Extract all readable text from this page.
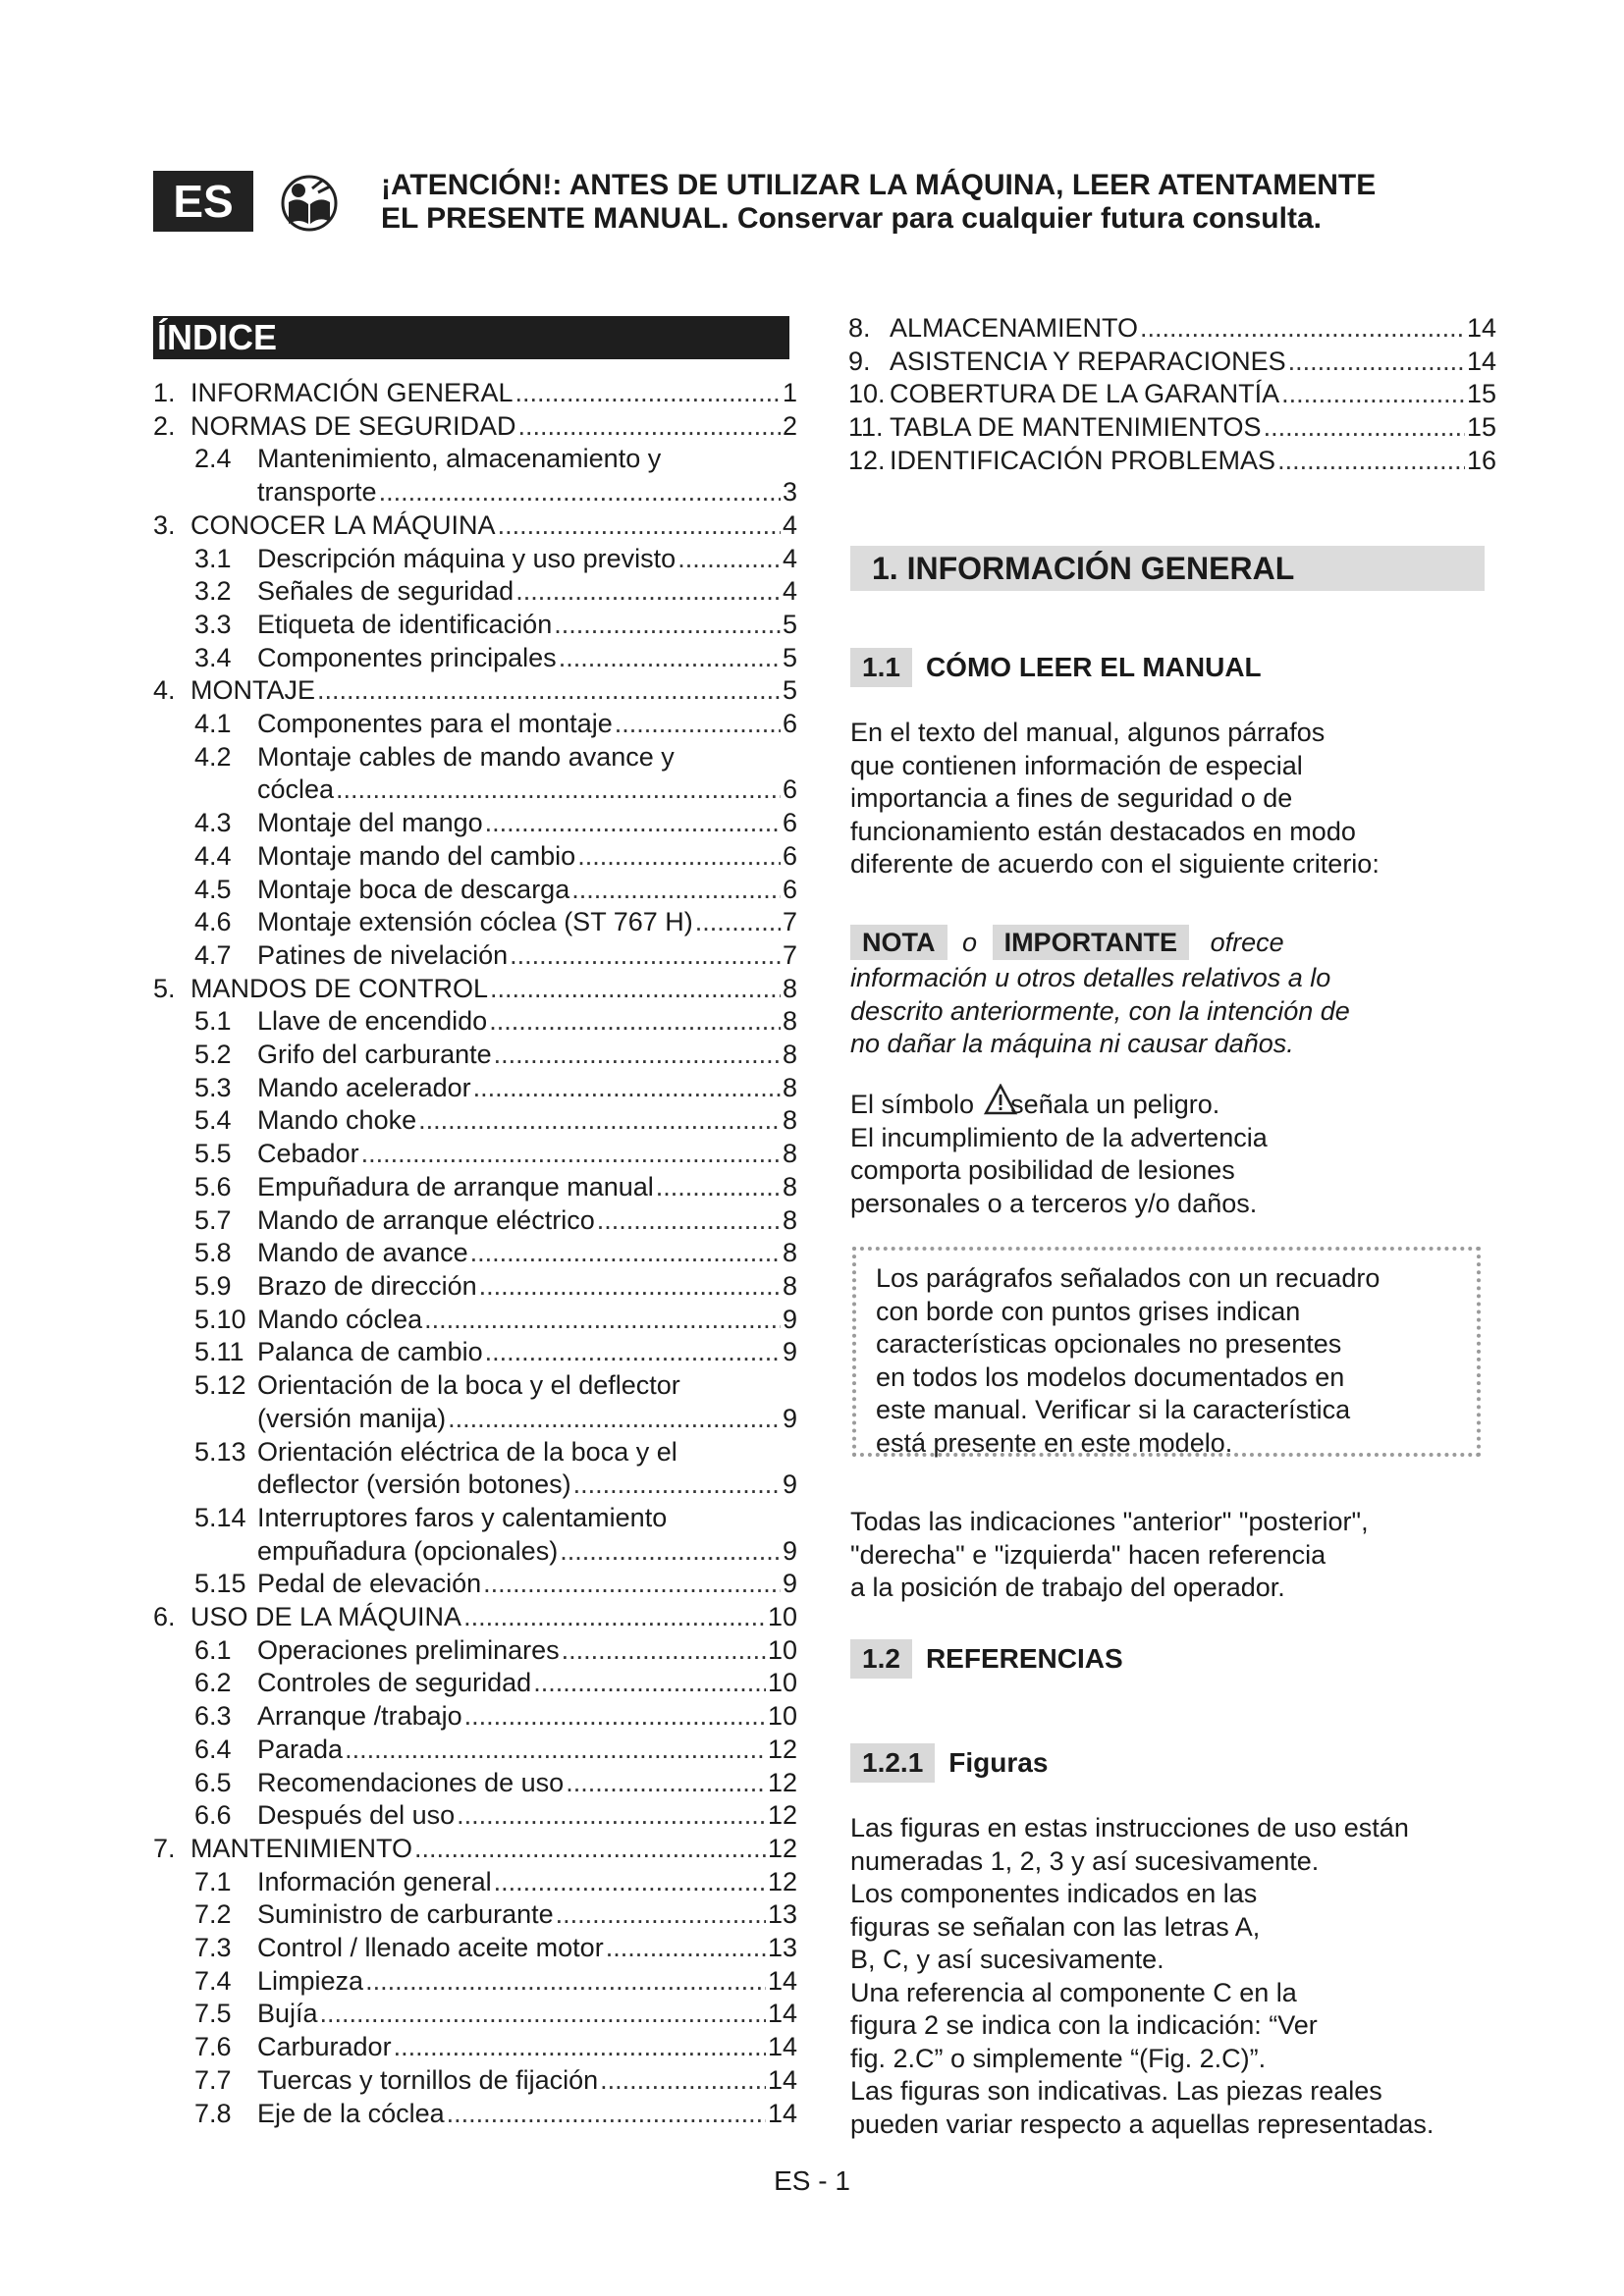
ES	¡ATENCIÓN!: ANTES DE UTILIZAR LA MÁQUINA, LEER ATENTAMENTE
EL PRESENTE MANUAL. Conservar para cualquier futura consulta.
ÍNDICE
1. INFORMACIÓN GENERAL .....	1
2. NORMAS DE SEGURIDAD .....	2
2.4 Mantenimiento, almacenamiento y
transporte .....	3
3. CONOCER LA MÁQUINA .....	4
3.1 Descripción máquina y uso previsto .....	4
3.2 Señales de seguridad .....	4
3.3 Etiqueta de identificación .....	5
3.4 Componentes principales .....	5
4. MONTAJE .....	5
4.1 Componentes para el montaje .....	6
4.2 Montaje cables de mando avance y
cóclea .....	6
4.3 Montaje del mango .....	6
4.4 Montaje mando del cambio .....	6
4.5 Montaje boca de descarga .....	6
4.6 Montaje extensión cóclea (ST 767 H) .....	7
4.7 Patines de nivelación .....	7
5. MANDOS DE CONTROL .....	8
5.1 Llave de encendido .....	8
5.2 Grifo del carburante .....	8
5.3 Mando acelerador .....	8
5.4 Mando choke .....	8
5.5 Cebador .....	8
5.6 Empuñadura de arranque manual .....	8
5.7 Mando de arranque eléctrico .....	8
5.8 Mando de avance .....	8
5.9 Brazo de dirección .....	8
5.10 Mando cóclea .....	9
5.11 Palanca de cambio .....	9
5.12 Orientación de la boca y el deflector
(versión manija) .....	9
5.13 Orientación eléctrica de la boca y el
deflector (versión botones) .....	9
5.14 Interruptores faros y calentamiento
empuñadura (opcionales) .....	9
5.15 Pedal de elevación .....	9
6. USO DE LA MÁQUINA .....	10
6.1 Operaciones preliminares .....	10
6.2 Controles de seguridad .....	10
6.3 Arranque /trabajo .....	10
6.4 Parada .....	12
6.5 Recomendaciones de uso .....	12
6.6 Después del uso .....	12
7. MANTENIMIENTO .....	12
7.1 Información general .....	12
7.2 Suministro de carburante .....	13
7.3 Control / llenado aceite motor .....	13
7.4 Limpieza .....	14
7.5 Bujía .....	14
7.6 Carburador .....	14
7.7 Tuercas y tornillos de fijación .....	14
7.8 Eje de la cóclea .....	14
8. ALMACENAMIENTO .....	14
9. ASISTENCIA Y REPARACIONES .....	14
10. COBERTURA DE LA GARANTÍA .....	15
11. TABLA DE MANTENIMIENTOS .....	15
12. IDENTIFICACIÓN PROBLEMAS .....	16
1. INFORMACIÓN GENERAL
1.1 CÓMO LEER EL MANUAL
En el texto del manual, algunos párrafos
que contienen información de especial
importancia a fines de seguridad o de
funcionamiento están destacados en modo
diferente de acuerdo con el siguiente criterio:
NOTA o IMPORTANTE ofrece
información u otros detalles relativos a lo
descrito anteriormente, con la intención de
no dañar la máquina ni causar daños.
El símbolo señala un peligro.
El incumplimiento de la advertencia
comporta posibilidad de lesiones
personales o a terceros y/o daños.
Los parágrafos señalados con un recuadro
con borde con puntos grises indican
características opcionales no presentes
en todos los modelos documentados en
este manual. Verificar si la característica
está presente en este modelo.
Todas las indicaciones "anterior" "posterior",
"derecha" e "izquierda" hacen referencia
a la posición de trabajo del operador.
1.2 REFERENCIAS
1.2.1 Figuras
Las figuras en estas instrucciones de uso están
numeradas 1, 2, 3 y así sucesivamente.
Los componentes indicados en las
figuras se señalan con las letras A,
B, C, y así sucesivamente.
Una referencia al componente C en la
figura 2 se indica con la indicación: “Ver
fig. 2.C” o simplemente “(Fig. 2.C)”.
Las figuras son indicativas. Las piezas reales
pueden variar respecto a aquellas representadas.
ES - 1
